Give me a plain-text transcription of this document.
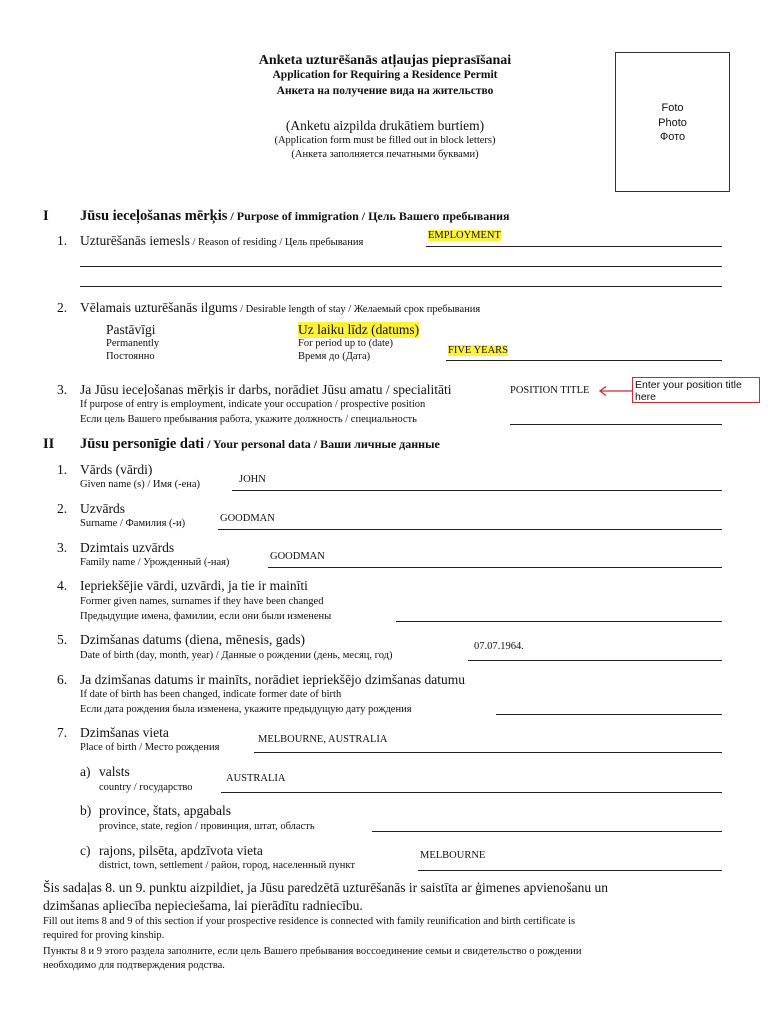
Anketa uzturēšanās atļaujas pieprasīšanai
Application for Requiring a Residence Permit
Анкета на получение вида на жительство
(Anketu aizpilda drukātiem burtiem)
(Application form must be filled out in block letters)
(Анкета заполняется печатными буквами)
Foto
Photo
Фото
I Jūsu ieceļošanas mērķis / Purpose of immigration / Цель Вашего пребывания
1. Uzturēšanās iemesls / Reason of residing / Цель пребывания
EMPLOYMENT
2. Vēlamais uzturēšanās ilgums / Desirable length of stay / Желаемый срок пребывания
Pastāvīgi
Permanently
Постоянно
Uz laiku līdz (datums)
For period up to (date)
Время до (Дата)
FIVE YEARS
3. Ja Jūsu ieceļošanas mērķis ir darbs, norādiet Jūsu amatu / specialitāti
If purpose of entry is employment, indicate your occupation / prospective position
Если цель Вашего пребывания работа, укажите должность / специальность
POSITION TITLE	Enter your position title here
II Jūsu personīgie dati / Your personal data / Ваши личные данные
1. Vārds (vārdi)
Given name (s) / Имя (-ена)	JOHN
2. Uzvārds
Surname / Фамилия (-и)	GOODMAN
3. Dzimtais uzvārds
Family name / Урожденный (-ная)
GOODMAN
4. Iepriekšējie vārdi, uzvārdi, ja tie ir mainīti
Former given names, surnames if they have been changed
Предыдущие имена, фамилии, если они были изменены
5. Dzimšanas datums (diena, mēnesis, gads)
Date of birth (day, month, year) / Данные о рождении (день, месяц, год)
07.07.1964.
6. Ja dzimšanas datums ir mainīts, norādiet iepriekšējo dzimšanas datumu
If date of birth has been changed, indicate former date of birth
Если дата рождения была изменена, укажите предыдущую дату рождения
7. Dzimšanas vieta
Place of birth / Место рождения
MELBOURNE, AUSTRALIA
a) valsts
country / государство
AUSTRALIA
b) province, štats, apgabals
province, state, region / провинция, штат, область
c) rajons, pilsēta, apdzīvota vieta
district, town, settlement / район, город, населенный пункт
MELBOURNE
Šis sadaļas 8. un 9. punktu aizpildiet, ja Jūsu paredzētā uzturēšanās ir saistīta ar ģimenes apvienošanu un
dzimšanas apliecība nepieciešama, lai pierādītu radniecību.
Fill out items 8 and 9 of this section if your prospective residence is connected with family reunification and birth certificate is
required for proving kinship.
Пункты 8 и 9 этого раздела заполните, если цель Вашего пребывания воссоединение семьи и свидетельство о рождении
необходимо для подтверждения родства.
